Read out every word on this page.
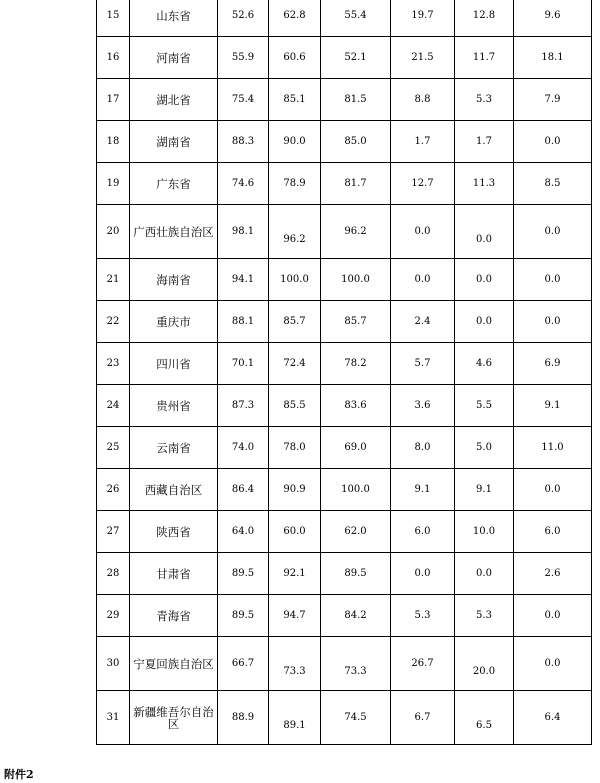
15	山东省	52.6	62.8	55.4	19.7	12.8	9.6
16	河南省	55.9	60.6	52.1	21.5	11.7	18.1
17	湖北省	75.4	85.1	81.5	8.8	5.3	7.9
18	湖南省	88.3	90.0	85.0	1.7	1.7	0.0
19	广东省	74.6	78.9	81.7	12.7	11.3	8.5
20	广西壮族自治区	98.1	96.2	96.2	0.0	0.0	0.0
21	海南省	94.1	100.0	100.0	0.0	0.0	0.0
22	重庆市	88.1	85.7	85.7	2.4	0.0	0.0
23	四川省	70.1	72.4	78.2	5.7	4.6	6.9
24	贵州省	87.3	85.5	83.6	3.6	5.5	9.1
25	云南省	74.0	78.0	69.0	8.0	5.0	11.0
26	西藏自治区	86.4	90.9	100.0	9.1	9.1	0.0
27	陕西省	64.0	60.0	62.0	6.0	10.0	6.0
28	甘肃省	89.5	92.1	89.5	0.0	0.0	2.6
29	青海省	89.5	94.7	84.2	5.3	5.3	0.0
30	宁夏回族自治区	66.7	73.3	73.3	26.7	20.0	0.0
31	新疆维吾尔自治区	88.9	89.1	74.5	6.7	6.5	6.4
附件2
